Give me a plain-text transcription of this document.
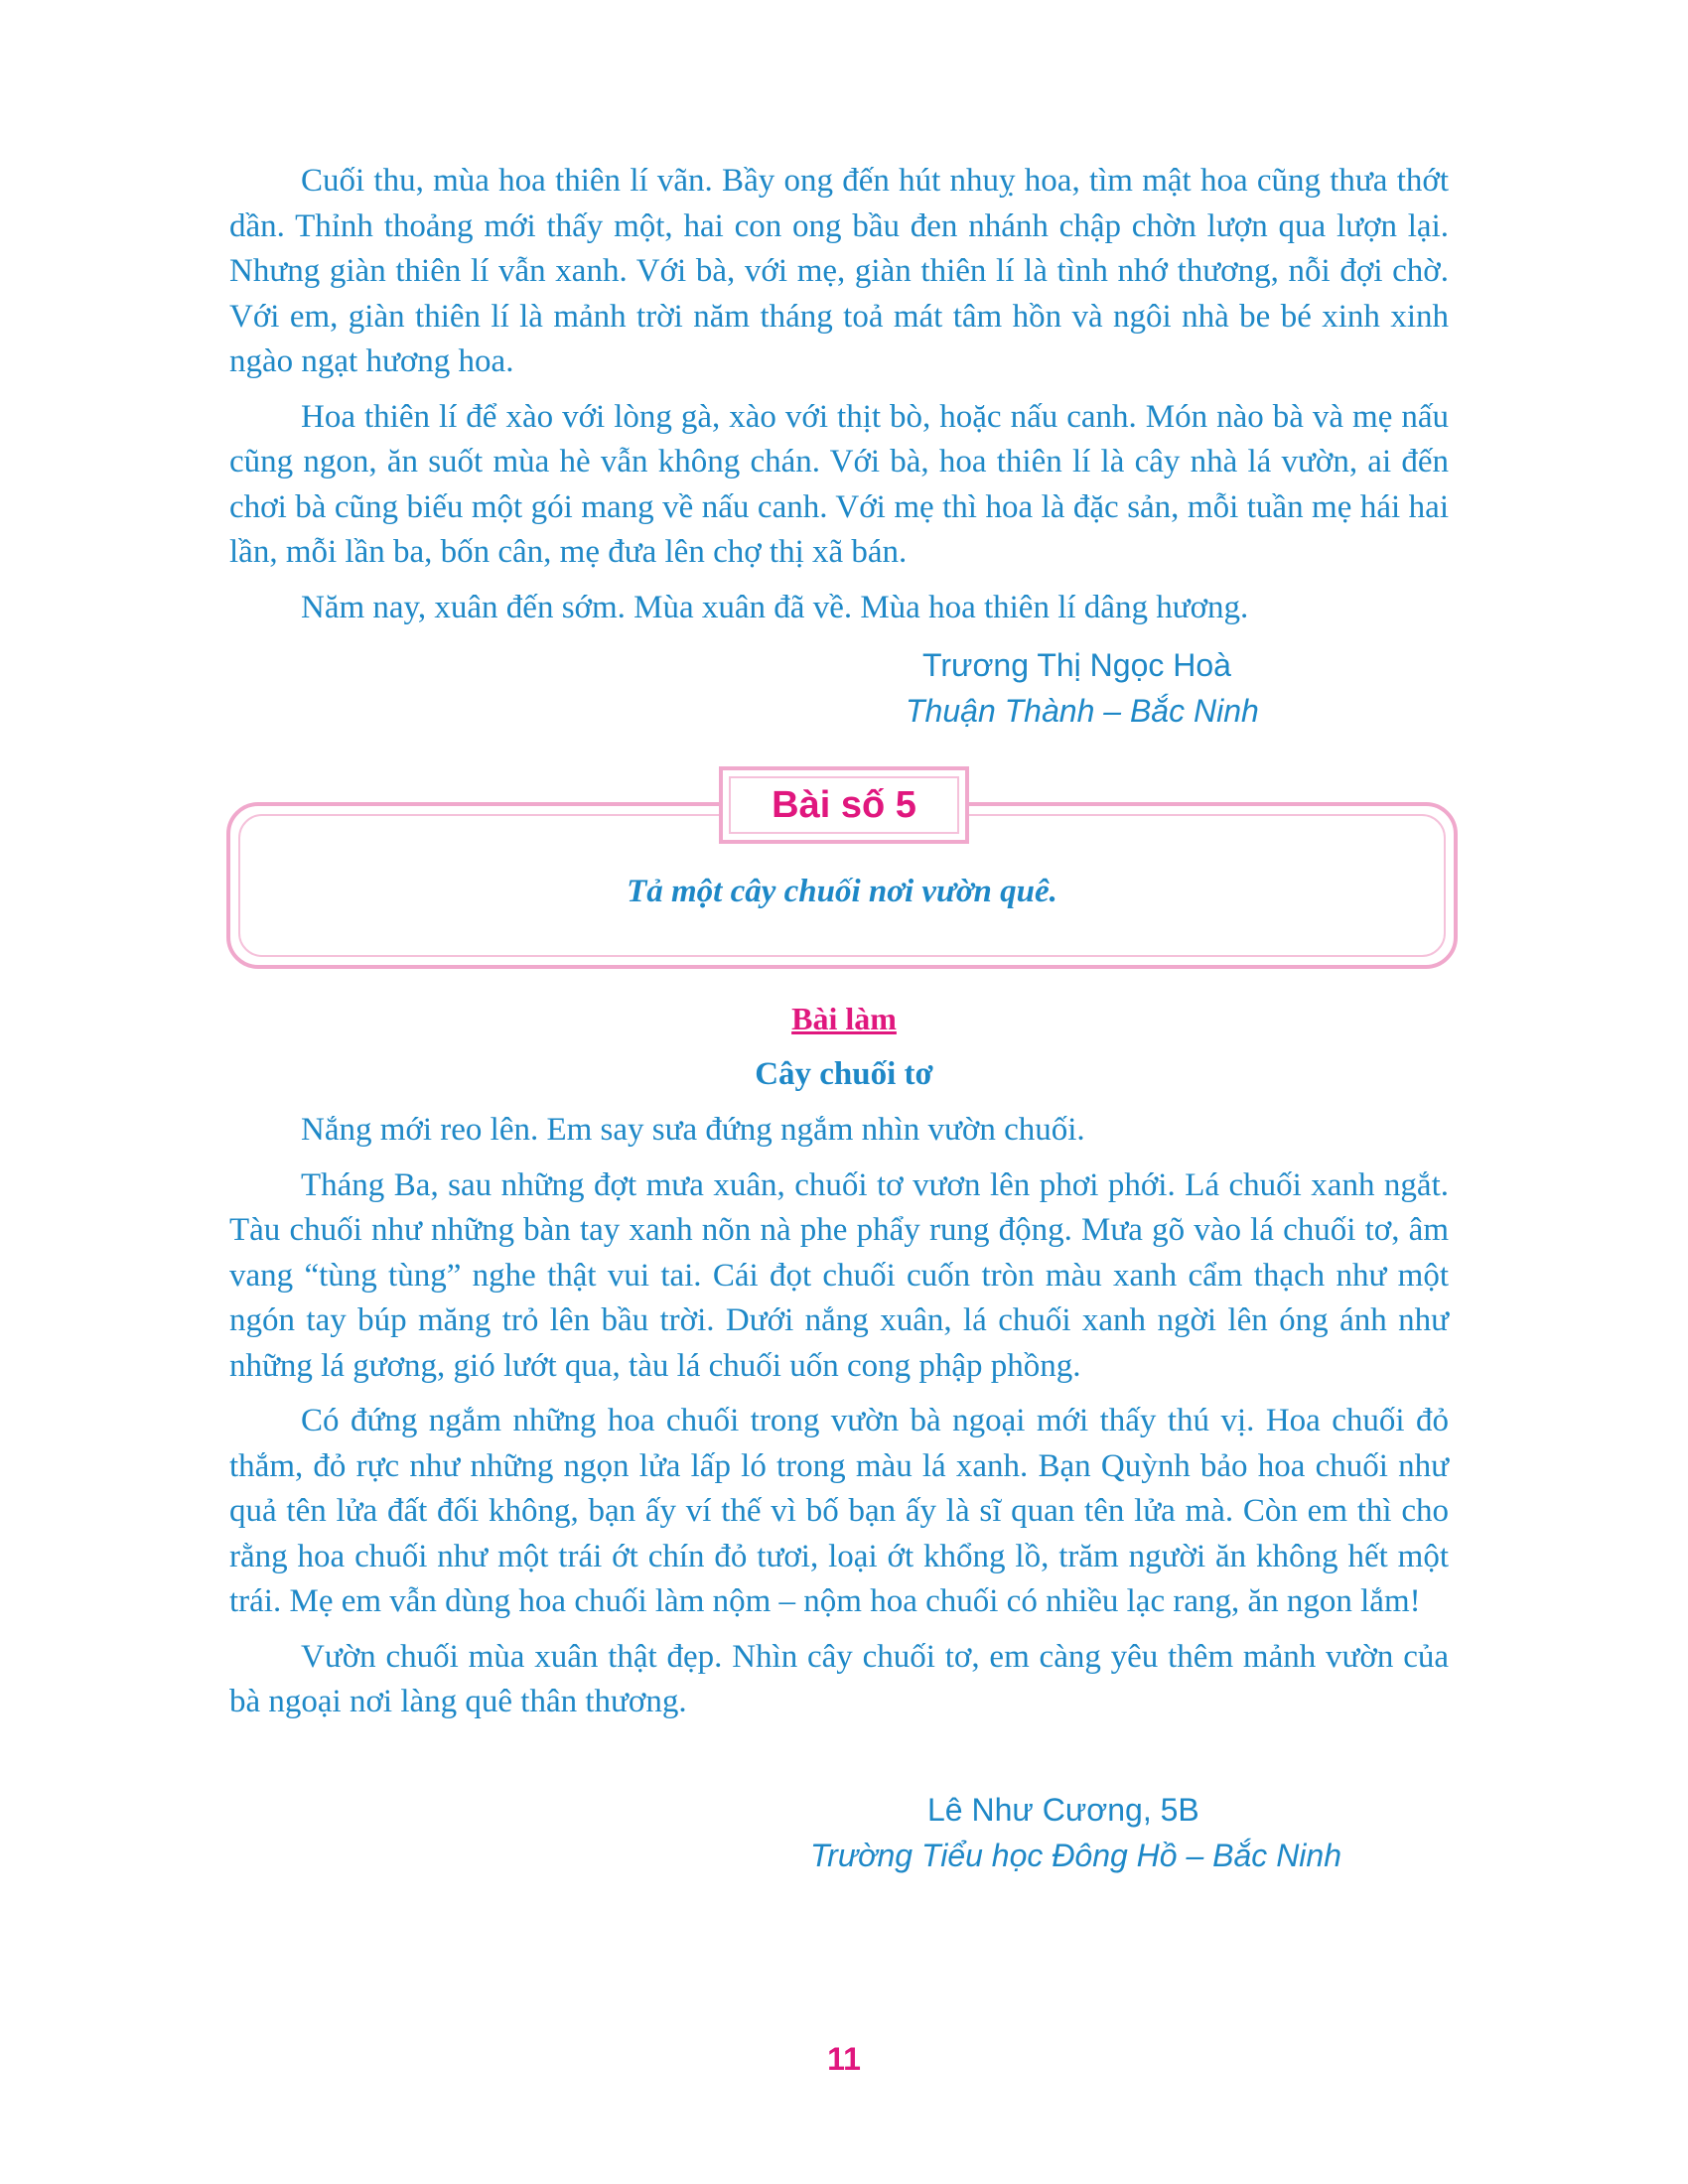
Cuối thu, mùa hoa thiên lí vãn. Bầy ong đến hút nhuỵ hoa, tìm mật hoa cũng thưa thớt dần. Thỉnh thoảng mới thấy một, hai con ong bầu đen nhánh chập chờn lượn qua lượn lại. Nhưng giàn thiên lí vẫn xanh. Với bà, với mẹ, giàn thiên lí là tình nhớ thương, nỗi đợi chờ. Với em, giàn thiên lí là mảnh trời năm tháng toả mát tâm hồn và ngôi nhà be bé xinh xinh ngào ngạt hương hoa.

Hoa thiên lí để xào với lòng gà, xào với thịt bò, hoặc nấu canh. Món nào bà và mẹ nấu cũng ngon, ăn suốt mùa hè vẫn không chán. Với bà, hoa thiên lí là cây nhà lá vườn, ai đến chơi bà cũng biếu một gói mang về nấu canh. Với mẹ thì hoa là đặc sản, mỗi tuần mẹ hái hai lần, mỗi lần ba, bốn cân, mẹ đưa lên chợ thị xã bán.

Năm nay, xuân đến sớm. Mùa xuân đã về. Mùa hoa thiên lí dâng hương.

Trương Thị Ngọc Hoà
Thuận Thành – Bắc Ninh
Bài số 5
Tả một cây chuối nơi vườn quê.
Bài làm
Cây chuối tơ

Nắng mới reo lên. Em say sưa đứng ngắm nhìn vườn chuối.

Tháng Ba, sau những đợt mưa xuân, chuối tơ vươn lên phơi phới. Lá chuối xanh ngắt. Tàu chuối như những bàn tay xanh nõn nà phe phẩy rung động. Mưa gõ vào lá chuối tơ, âm vang “tùng tùng” nghe thật vui tai. Cái đọt chuối cuốn tròn màu xanh cẩm thạch như một ngón tay búp măng trỏ lên bầu trời. Dưới nắng xuân, lá chuối xanh ngời lên óng ánh như những lá gương, gió lướt qua, tàu lá chuối uốn cong phập phồng.

Có đứng ngắm những hoa chuối trong vườn bà ngoại mới thấy thú vị. Hoa chuối đỏ thắm, đỏ rực như những ngọn lửa lấp ló trong màu lá xanh. Bạn Quỳnh bảo hoa chuối như quả tên lửa đất đối không, bạn ấy ví thế vì bố bạn ấy là sĩ quan tên lửa mà. Còn em thì cho rằng hoa chuối như một trái ớt chín đỏ tươi, loại ớt khổng lồ, trăm người ăn không hết một trái. Mẹ em vẫn dùng hoa chuối làm nộm – nộm hoa chuối có nhiều lạc rang, ăn ngon lắm!

Vườn chuối mùa xuân thật đẹp. Nhìn cây chuối tơ, em càng yêu thêm mảnh vườn của bà ngoại nơi làng quê thân thương.

Lê Như Cương, 5B
Trường Tiểu học Đông Hồ – Bắc Ninh
11
